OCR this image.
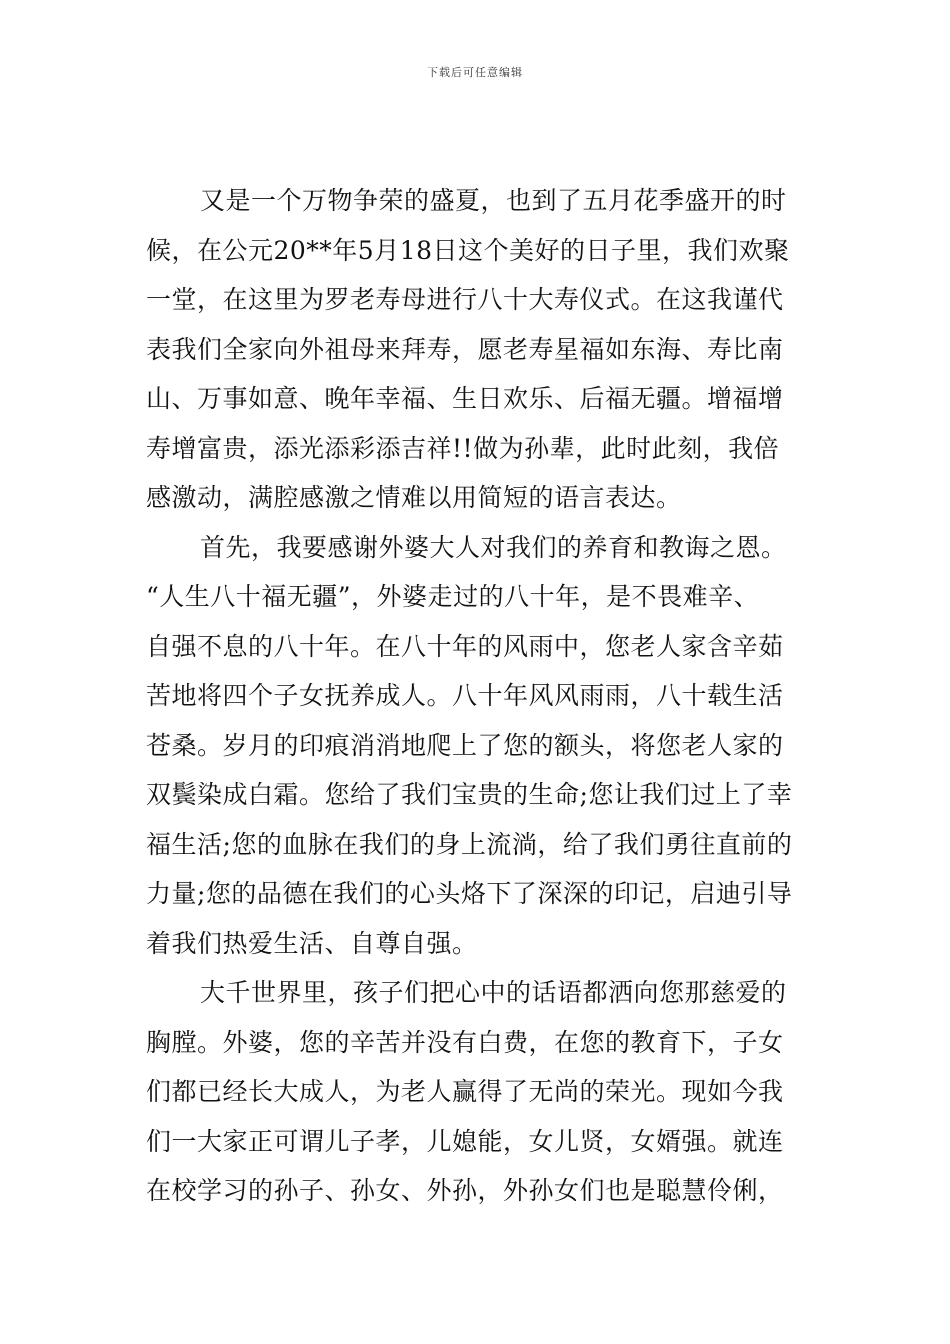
下载后可任意编辑
又是一个万物争荣的盛夏，也到了五月花季盛开的时
候，在公元20**年5月18日这个美好的日子里，我们欢聚
一堂，在这里为罗老寿母进行八十大寿仪式。在这我谨代
表我们全家向外祖母来拜寿，愿老寿星福如东海、寿比南
山、万事如意、晚年幸福、生日欢乐、后福无疆。增福增
寿增富贵，添光添彩添吉祥!!做为孙辈，此时此刻，我倍
感激动，满腔感激之情难以用简短的语言表达。
首先，我要感谢外婆大人对我们的养育和教诲之恩。
“人生八十福无疆”，外婆走过的八十年，是不畏难辛、
自强不息的八十年。在八十年的风雨中，您老人家含辛茹
苦地将四个子女抚养成人。八十年风风雨雨，八十载生活
苍桑。岁月的印痕消消地爬上了您的额头，将您老人家的
双鬓染成白霜。您给了我们宝贵的生命;您让我们过上了幸
福生活;您的血脉在我们的身上流淌，给了我们勇往直前的
力量;您的品德在我们的心头烙下了深深的印记，启迪引导
着我们热爱生活、自尊自强。
大千世界里，孩子们把心中的话语都洒向您那慈爱的
胸膛。外婆，您的辛苦并没有白费，在您的教育下，子女
们都已经长大成人，为老人赢得了无尚的荣光。现如今我
们一大家正可谓儿子孝，儿媳能，女儿贤，女婿强。就连
在校学习的孙子、孙女、外孙，外孙女们也是聪慧伶俐，
